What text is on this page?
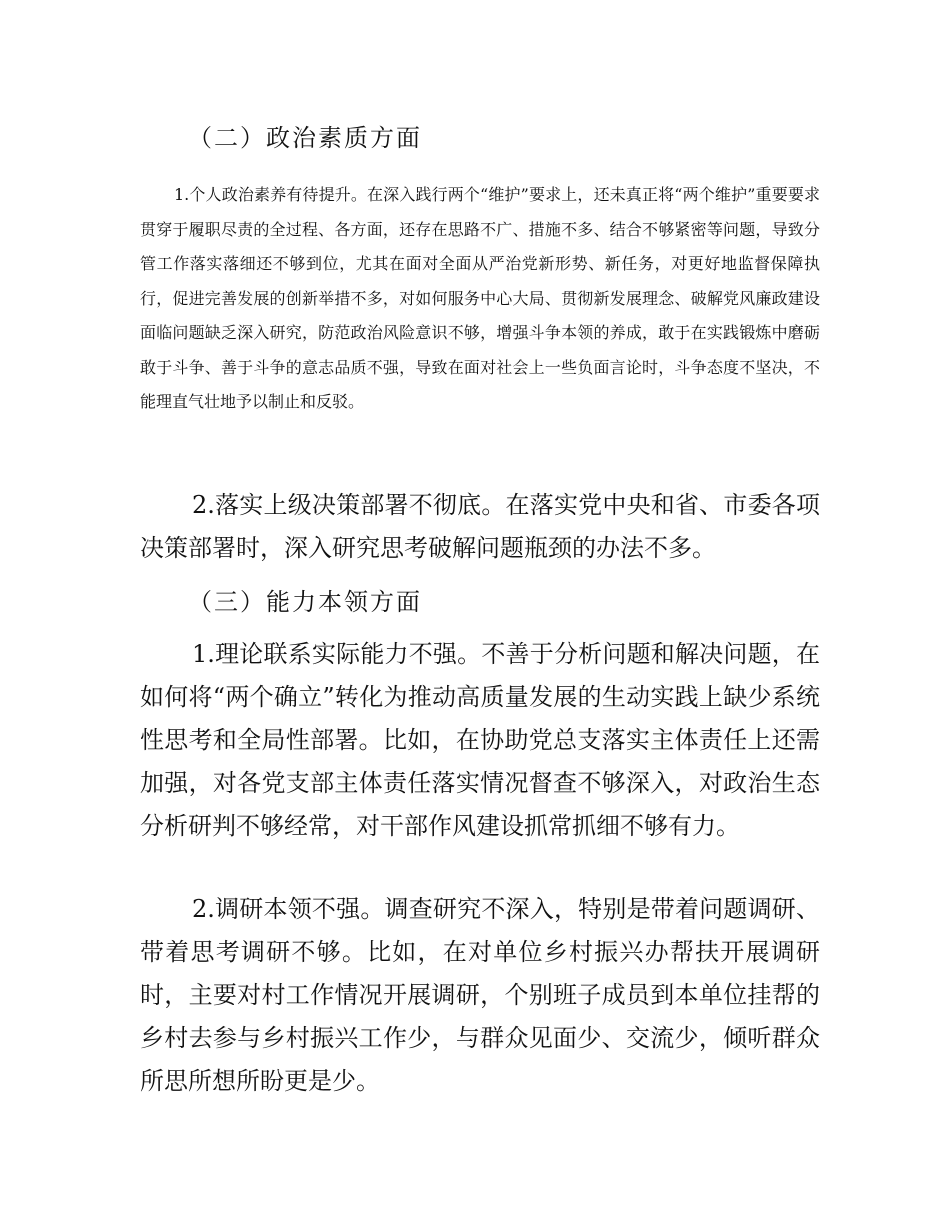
（二）政治素质方面

1.个人政治素养有待提升。在深入践行两个“维护”要求上，还未真正将“两个维护”重要要求贯穿于履职尽责的全过程、各方面，还存在思路不广、措施不多、结合不够紧密等问题，导致分管工作落实落细还不够到位，尤其在面对全面从严治党新形势、新任务，对更好地监督保障执行，促进完善发展的创新举措不多，对如何服务中心大局、贯彻新发展理念、破解党风廉政建设面临问题缺乏深入研究，防范政治风险意识不够，增强斗争本领的养成，敢于在实践锻炼中磨砺敢于斗争、善于斗争的意志品质不强，导致在面对社会上一些负面言论时，斗争态度不坚决，不能理直气壮地予以制止和反驳。

2.落实上级决策部署不彻底。在落实党中央和省、市委各项决策部署时，深入研究思考破解问题瓶颈的办法不多。

（三）能力本领方面

1.理论联系实际能力不强。不善于分析问题和解决问题，在如何将“两个确立”转化为推动高质量发展的生动实践上缺少系统性思考和全局性部署。比如，在协助党总支落实主体责任上还需加强，对各党支部主体责任落实情况督查不够深入，对政治生态分析研判不够经常，对干部作风建设抓常抓细不够有力。

2.调研本领不强。调查研究不深入，特别是带着问题调研、带着思考调研不够。比如，在对单位乡村振兴办帮扶开展调研时，主要对村工作情况开展调研，个别班子成员到本单位挂帮的乡村去参与乡村振兴工作少，与群众见面少、交流少，倾听群众所思所想所盼更是少。
